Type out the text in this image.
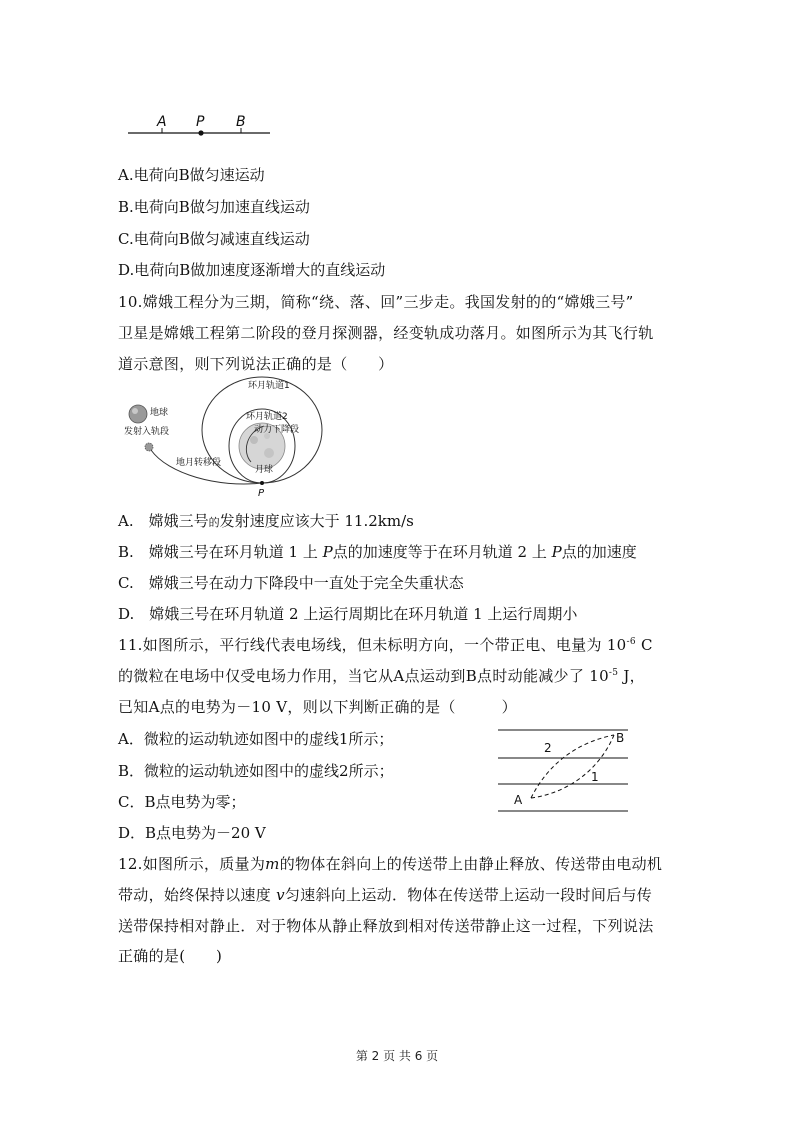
A P B
A.电荷向B做匀速运动
B.电荷向B做匀加速直线运动
C.电荷向B做匀减速直线运动
D.电荷向B做加速度逐渐增大的直线运动
10.嫦娥工程分为三期，简称“绕、落、回”三步走。我国发射的的“嫦娥三号”
卫星是嫦娥工程第二阶段的登月探测器，经变轨成功落月。如图所示为其飞行轨
道示意图，则下列说法正确的是（　　）
环月轨道1
地球	环月轨道2
发射入轨段	动力下降段
地月转移段
月球
P
A.　嫦娥三号的发射速度应该大于 11.2km/s
B.　嫦娥三号在环月轨道 1 上 P点的加速度等于在环月轨道 2 上 P点的加速度
C.　嫦娥三号在动力下降段中一直处于完全失重状态
D.　嫦娥三号在环月轨道 2 上运行周期比在环月轨道 1 上运行周期小
11.如图所示，平行线代表电场线，但未标明方向，一个带正电、电量为 $10^{-6}$ C
的微粒在电场中仅受电场力作用，当它从A点运动到B点时动能减少了 $10^{-5}$ J，
已知A点的电势为－10 V，则以下判断正确的是（　　　）
A．微粒的运动轨迹如图中的虚线1所示；
B．微粒的运动轨迹如图中的虚线2所示；
C．B点电势为零；
D．B点电势为－20 V
A
B
2
1
12.如图所示，质量为m的物体在斜向上的传送带上由静止释放、传送带由电动机
带动，始终保持以速度 v匀速斜向上运动．物体在传送带上运动一段时间后与传
送带保持相对静止．对于物体从静止释放到相对传送带静止这一过程，下列说法
正确的是(　　)
第 2 页 共 6 页
